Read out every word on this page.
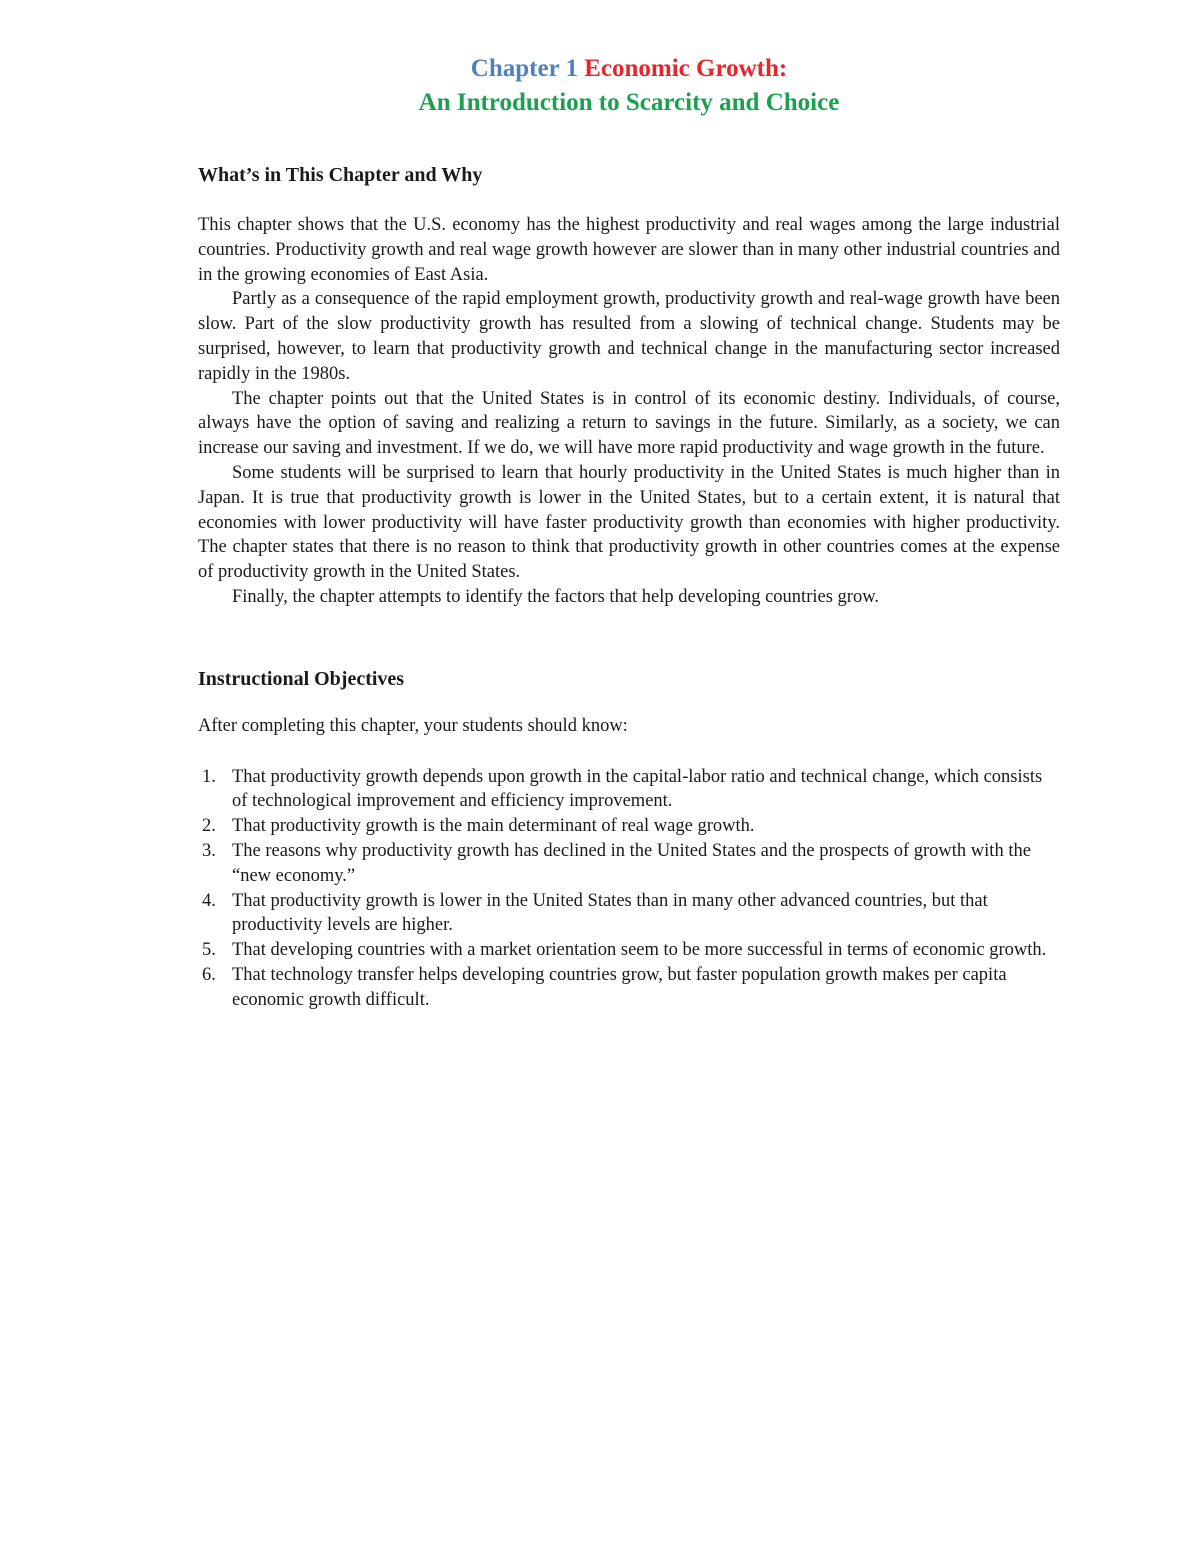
Chapter 1 Economic Growth:

An Introduction to Scarcity and Choice

What’s in This Chapter and Why

This chapter shows that the U.S. economy has the highest productivity and real wages among the large industrial countries. Productivity growth and real wage growth however are slower than in many other industrial countries and in the growing economies of East Asia.

Partly as a consequence of the rapid employment growth, productivity growth and real-wage growth have been slow. Part of the slow productivity growth has resulted from a slowing of technical change. Students may be surprised, however, to learn that productivity growth and technical change in the manufacturing sector increased rapidly in the 1980s.

The chapter points out that the United States is in control of its economic destiny. Individuals, of course, always have the option of saving and realizing a return to savings in the future. Similarly, as a society, we can increase our saving and investment. If we do, we will have more rapid productivity and wage growth in the future.

Some students will be surprised to learn that hourly productivity in the United States is much higher than in Japan. It is true that productivity growth is lower in the United States, but to a certain extent, it is natural that economies with lower productivity will have faster productivity growth than economies with higher productivity. The chapter states that there is no reason to think that productivity growth in other countries comes at the expense of productivity growth in the United States.

Finally, the chapter attempts to identify the factors that help developing countries grow.

Instructional Objectives
After completing this chapter, your students should know:
1. That productivity growth depends upon growth in the capital-labor ratio and technical change, which consists of technological improvement and efficiency improvement.
2. That productivity growth is the main determinant of real wage growth.
3. The reasons why productivity growth has declined in the United States and the prospects of growth with the “new economy.”
4. That productivity growth is lower in the United States than in many other advanced countries, but that productivity levels are higher.
5. That developing countries with a market orientation seem to be more successful in terms of economic growth.
6. That technology transfer helps developing countries grow, but faster population growth makes per capita economic growth difficult.
